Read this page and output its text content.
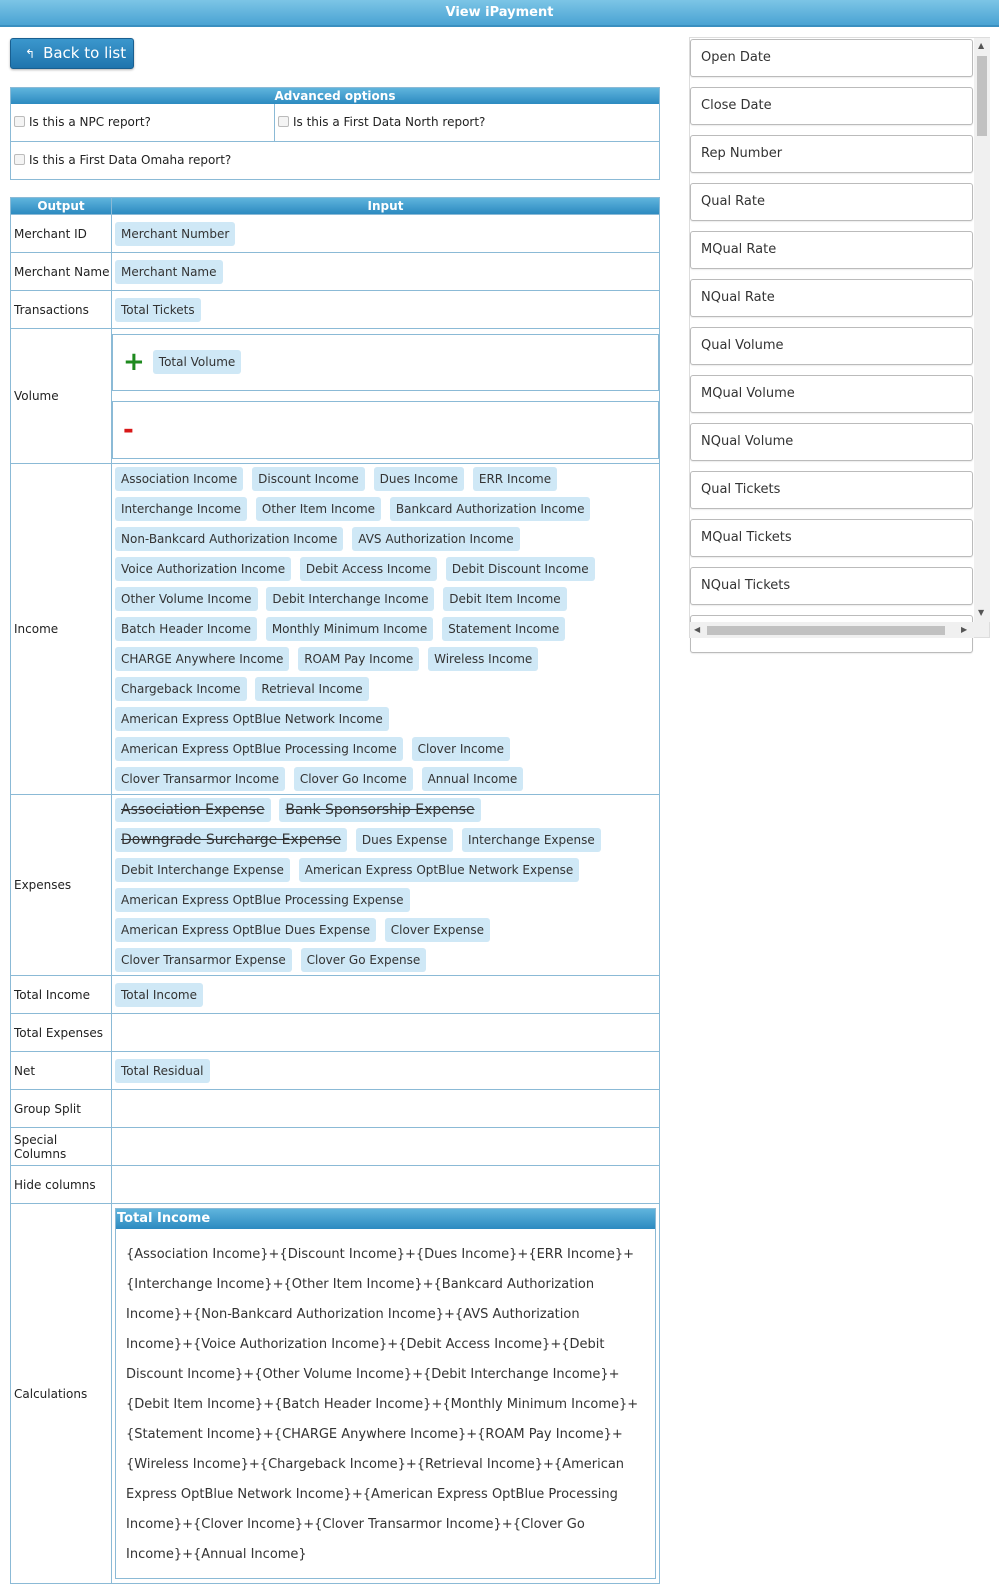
View iPayment
↰ Back to list
Advanced options
Is this a NPC report?	Is this a First Data North report?
Is this a First Data Omaha report?
Output	Input

Merchant ID	Merchant Number
Merchant Name	Merchant Name
Transactions	Total Tickets
Volume	+ Total Volume
-

Income	Association Income Discount Income Dues Income ERR Income Interchange Income Other Item Income Bankcard Authorization Income Non-Bankcard Authorization Income AVS Authorization Income Voice Authorization Income Debit Access Income Debit Discount Income Other Volume Income Debit Interchange Income Debit Item Income Batch Header Income Monthly Minimum Income Statement Income CHARGE Anywhere Income ROAM Pay Income Wireless Income Chargeback Income Retrieval Income American Express OptBlue Network Income American Express OptBlue Processing Income Clover Income Clover Transarmor Income Clover Go Income Annual Income
Expenses	Association Expense Bank Sponsorship Expense Downgrade Surcharge Expense Dues Expense Interchange Expense Debit Interchange Expense American Express OptBlue Network Expense American Express OptBlue Processing Expense American Express OptBlue Dues Expense Clover Expense Clover Transarmor Expense Clover Go Expense
Total Income	Total Income
Total Expenses	
Net	Total Residual
Group Split	
Special Columns	
Hide columns	
Calculations	Total Income
{Association Income}+{Discount Income}+{Dues Income}+{ERR Income}+{Interchange Income}+{Other Item Income}+{Bankcard Authorization Income}+{Non-Bankcard Authorization Income}+{AVS Authorization Income}+{Voice Authorization Income}+{Debit Access Income}+{Debit Discount Income}+{Other Volume Income}+{Debit Interchange Income}+{Debit Item Income}+{Batch Header Income}+{Monthly Minimum Income}+{Statement Income}+{CHARGE Anywhere Income}+{ROAM Pay Income}+{Wireless Income}+{Chargeback Income}+{Retrieval Income}+{American Express OptBlue Network Income}+{American Express OptBlue Processing Income}+{Clover Income}+{Clover Transarmor Income}+{Clover Go Income}+{Annual Income}
Open Date
Close Date
Rep Number
Qual Rate
MQual Rate
NQual Rate
Qual Volume
MQual Volume
NQual Volume
Qual Tickets
MQual Tickets
NQual Tickets
▲
▼
◀	▶
